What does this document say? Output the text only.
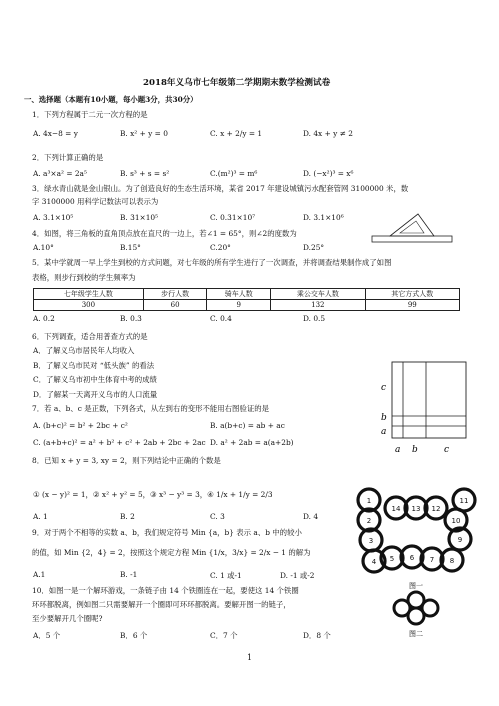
2018年义乌市七年级第二学期期末数学检测试卷
一、选择题（本题有10小题，每小题3分，共30分）
1．下列方程属于二元一次方程的是
A. 4x−8 = y	B. x² + y = 0	C. x + 2/y = 1	D. 4x + y ≠ 2
2．下列计算正确的是
A. a³×a² = 2a⁵	B. s³ + s = s²	C.(m²)³ = m⁶	D. (−x²)³ = x⁶
3．绿水青山就是金山银山。为了创造良好的生态生活环境，某省 2017 年建设城镇污水配套管网 3100000 米，数
字 3100000 用科学记数法可以表示为
A. 3.1×10⁵	B. 31×10⁵	C. 0.31×10⁷	D. 3.1×10⁶
4．如图，将三角板的直角顶点放在直尺的一边上，若∠1 = 65°，则∠2的度数为
A.10°	B.15°	C.20°	D.25°
5．某中学就周一早上学生到校的方式问题，对七年级的所有学生进行了一次调查，并将调查结果制作成了如图
表格，则步行到校的学生频率为
七年级学生人数	步行人数	骑车人数	乘公交车人数	其它方式人数
300	60	9	132	99
A. 0.2	B. 0.3	C. 0.4	D. 0.5
6．下列调查，适合用普查方式的是
A．了解义乌市居民年人均收入
B．了解义乌市民对 “低头族” 的看法
C．了解义乌市初中生体育中考的成绩
D．了解某一天离开义乌市的人口流量
7．若 a、b、c 是正数，下列各式，从左到右的变形不能用右图验证的是
A. (b+c)² = b² + 2bc + c²	B. a(b+c) = ab + ac
C. (a+b+c)² = a² + b² + c² + 2ab + 2bc + 2ac D. a² + 2ab = a(a+2b)
c
b
a
a b	c
8．已知 x + y = 3, xy = 2，则下列结论中正确的个数是
① (x − y)² = 1，② x² + y² = 5，③ x³ − y³ = 3，④ 1/x + 1/y = 2/3
A. 1	B. 2	C. 3	D. 4
9．对于两个不相等的实数 a、b，我们规定符号 Min {a，b} 表示 a、b 中的较小
的值，如 Min {2，4} = 2，按照这个规定方程 Min {1/x，3/x} = 2/x − 1 的解为
A.1	B. -1	C. 1 或-1	D. -1 或-2
10．如图一是一个解环游戏，一条链子由 14 个铁圈连在一起，要使这 14 个铁圈
环环都脱离，例如图二只需要解开一个圈即可环环都脱离。要解开图一的链子，
至少要解开几个圈呢?
A．5 个	B．6 个	C．7 个	D．8 个
1
2
3
4 5 6 7 8
9
10
11
12
13
14
图一
图二
1
